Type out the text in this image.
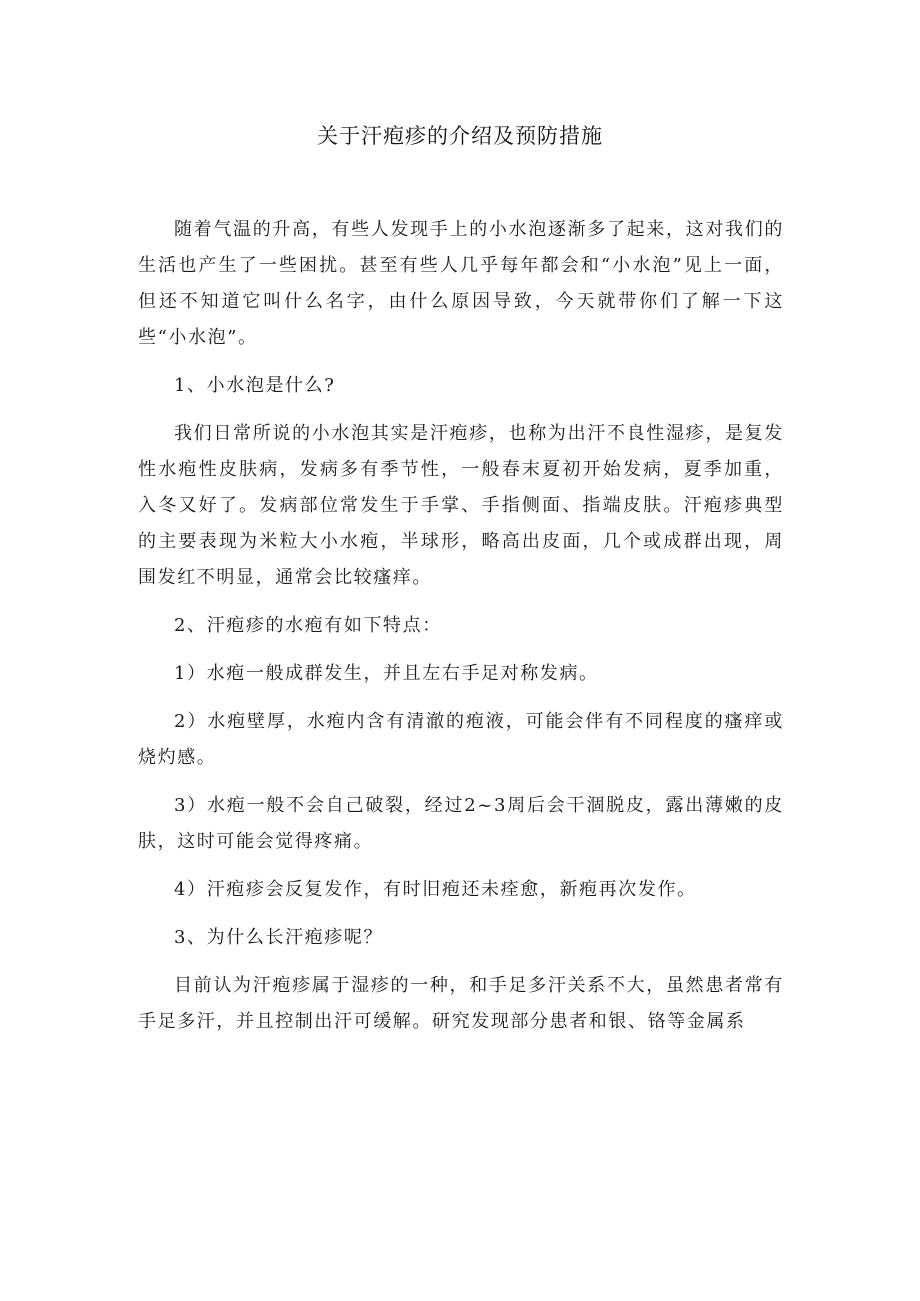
关于汗疱疹的介绍及预防措施

随着气温的升高，有些人发现手上的小水泡逐渐多了起来，这对我们的生活也产生了一些困扰。甚至有些人几乎每年都会和“小水泡”见上一面，但还不知道它叫什么名字，由什么原因导致，今天就带你们了解一下这些“小水泡”。

1、小水泡是什么?

我们日常所说的小水泡其实是汗疱疹，也称为出汗不良性湿疹，是复发性水疱性皮肤病，发病多有季节性，一般春末夏初开始发病，夏季加重，入冬又好了。发病部位常发生于手掌、手指侧面、指端皮肤。汗疱疹典型的主要表现为米粒大小水疱，半球形，略高出皮面，几个或成群出现，周围发红不明显，通常会比较瘙痒。

2、汗疱疹的水疱有如下特点：

1）水疱一般成群发生，并且左右手足对称发病。

2）水疱壁厚，水疱内含有清澈的疱液，可能会伴有不同程度的瘙痒或烧灼感。

3）水疱一般不会自己破裂，经过2~3周后会干涸脱皮，露出薄嫩的皮肤，这时可能会觉得疼痛。

4）汗疱疹会反复发作，有时旧疱还未痊愈，新疱再次发作。

3、为什么长汗疱疹呢？

目前认为汗疱疹属于湿疹的一种，和手足多汗关系不大，虽然患者常有手足多汗，并且控制出汗可缓解。研究发现部分患者和银、铬等金属系
